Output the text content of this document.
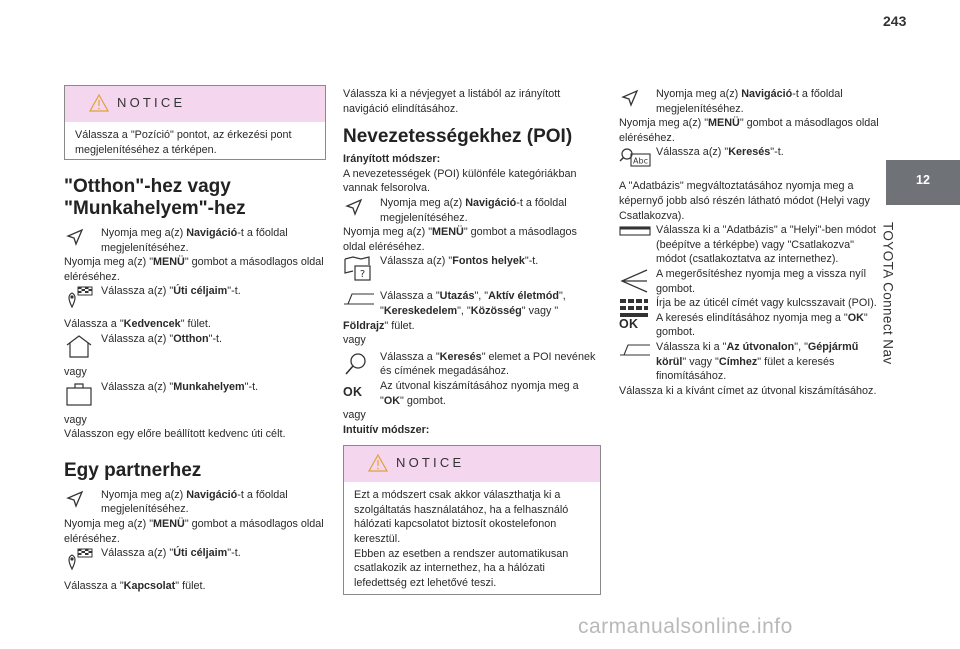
243
12
TOYOTA Connect Nav
NOTICE
Válassza a "Pozíció" pontot, az érkezési pont megjelenítéséhez a térképen.
"Otthon"-hez vagy "Munkahelyem"-hez
Nyomja meg a(z) Navigáció-t a főoldal megjelenítéséhez.

Nyomja meg a(z) "MENÜ" gombot a másodlagos oldal eléréséhez.

Válassza a(z) "Úti céljaim"-t.

Válassza a "Kedvencek" fület.

Válassza a(z) "Otthon"-t.

vagy

Válassza a(z) "Munkahelyem"-t.

vagy

Válasszon egy előre beállított kedvenc úti célt.

Egy partnerhez
Nyomja meg a(z) Navigáció-t a főoldal megjelenítéséhez.

Nyomja meg a(z) "MENÜ" gombot a másodlagos oldal eléréséhez.

Válassza a(z) "Úti céljaim"-t.

Válassza a "Kapcsolat" fület.

Válassza ki a névjegyet a listából az irányított navigáció elindításához.

Nevezetességekhez (POI)

Irányított módszer:

A nevezetességek (POI) különféle kategóriákban vannak felsorolva.

Nyomja meg a(z) Navigáció-t a főoldal megjelenítéséhez.

Nyomja meg a(z) "MENÜ" gombot a másodlagos oldal eléréséhez.

?
Válassza a(z) "Fontos helyek"-t.
Válassza a "Utazás", "Aktív életmód", "Kereskedelem", "Közösség" vagy "

Földrajz" fület.

vagy

Válassza a "Keresés" elemet a POI nevének és címének megadásához.
OK	Az útvonal kiszámításához nyomja meg a "OK" gombot.

vagy

Intuitív módszer:

NOTICE

Ezt a módszert csak akkor választhatja ki a szolgáltatás használatához, ha a felhasználó hálózati kapcsolatot biztosít okostelefonon keresztül.

Ebben az esetben a rendszer automatikusan csatlakozik az internethez, ha a hálózati lefedettség ezt lehetővé teszi.

Nyomja meg a(z) Navigáció-t a főoldal megjelenítéséhez.

Nyomja meg a(z) "MENÜ" gombot a másodlagos oldal eléréséhez.

Abc
Válassza a(z) "Keresés"-t.

A "Adatbázis" megváltoztatásához nyomja meg a képernyő jobb alsó részén látható módot (Helyi vagy Csatlakozva).

Válassza ki a "Adatbázis" a "Helyi"-ben módot (beépítve a térképbe) vagy "Csatlakozva" módot (csatlakoztatva az internethez).
A megerősítéshez nyomja meg a vissza nyíl gombot.
Írja be az úticél címét vagy kulcsszavait (POI).
OK	A keresés elindításához nyomja meg a "OK" gombot.
Válassza ki a "Az útvonalon", "Gépjármű körül" vagy "Címhez" fület a keresés finomításához.

Válassza ki a kívánt címet az útvonal kiszámításához.

carmanualsonline.info
